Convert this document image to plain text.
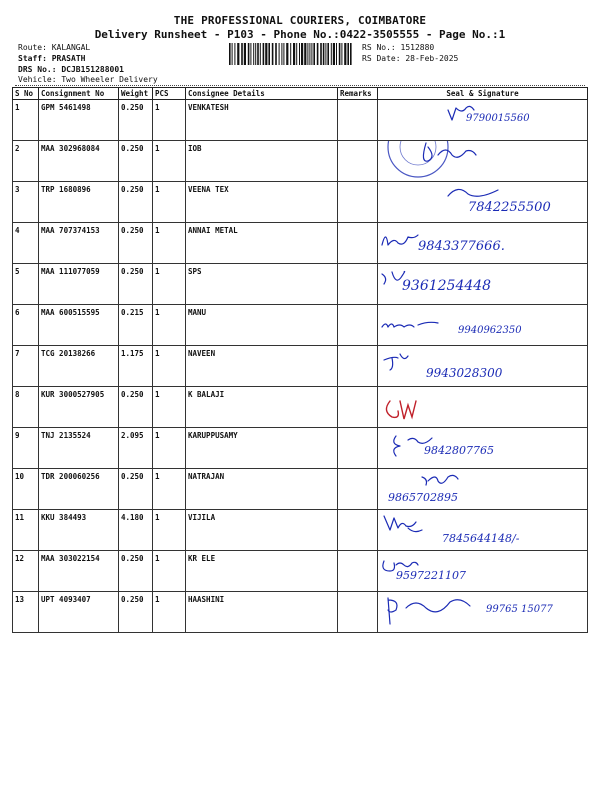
THE PROFESSIONAL COURIERS, COIMBATORE
Delivery Runsheet - P103 - Phone No.:0422-3505555 - Page No.:1
Route: KALANGAL
Staff: PRASATH
DRS No.: DCJB151288001
Vehicle: Two Wheeler Delivery
RS No.: 1512880
RS Date: 28-Feb-2025
S No	Consignment No	Weight	PCS	Consignee Details	Remarks	Seal & Signature
1	GPM 5461498	0.250	1	VENKATESH		9790015560

2	MAA 302968084	0.250	1	IOB		

3	TRP 1680896	0.250	1	VEENA TEX		7842255500

4	MAA 707374153	0.250	1	ANNAI METAL		9843377666.

5	MAA 111077059	0.250	1	SPS		9361254448

6	MAA 600515595	0.215	1	MANU		9940962350

7	TCG 20138266	1.175	1	NAVEEN		9943028300

8	KUR 3000527905	0.250	1	K BALAJI		

9	TNJ 2135524	2.095	1	KARUPPUSAMY		9842807765

10	TDR 200060256	0.250	1	NATRAJAN		9865702895

11	KKU 384493	4.180	1	VIJILA		7845644148/-

12	MAA 303022154	0.250	1	KR ELE		9597221107

13	UPT 4093407	0.250	1	HAASHINI		99765 15077
